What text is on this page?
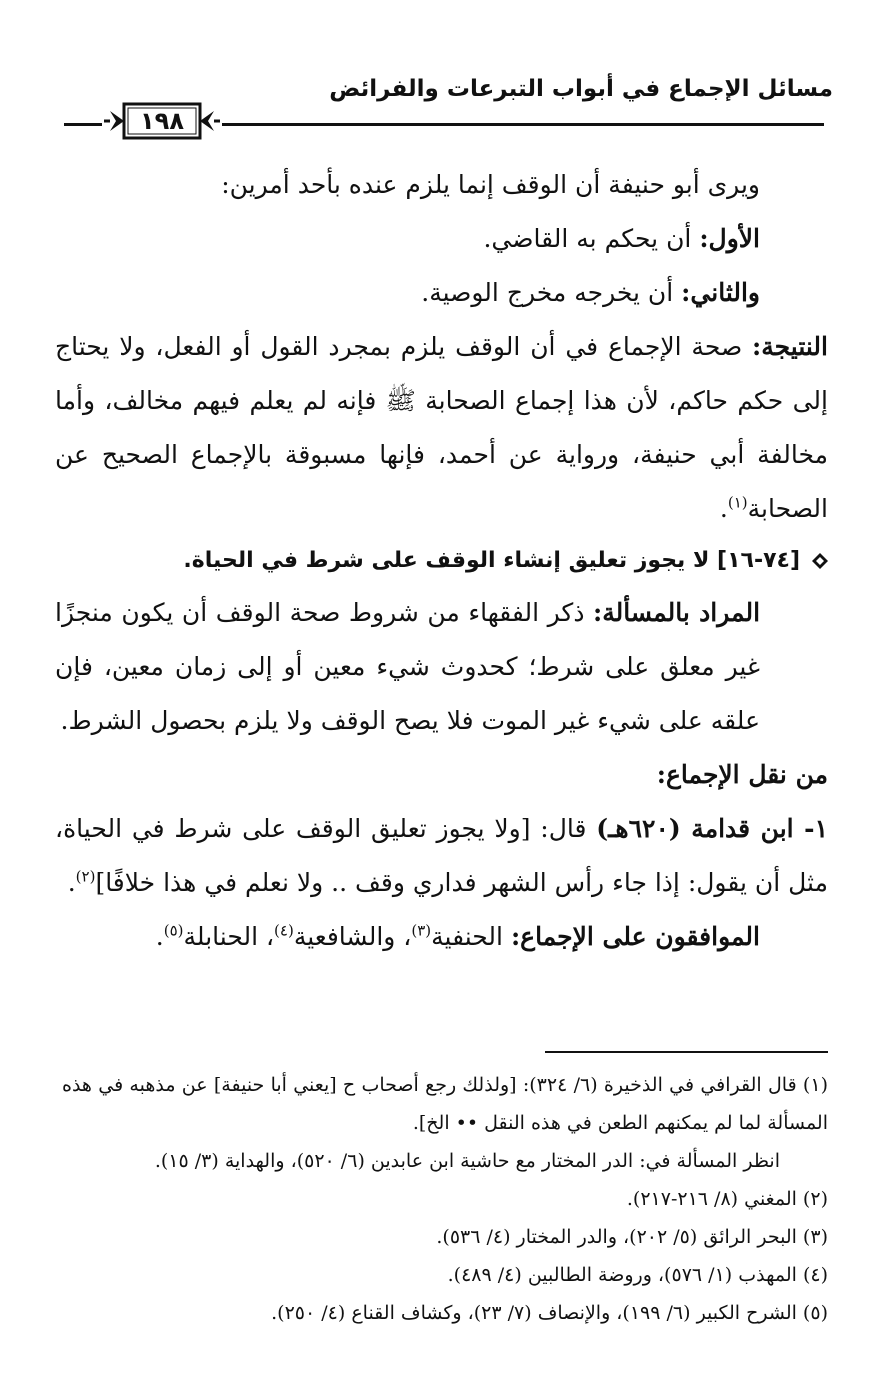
مسائل الإجماع في أبواب التبرعات والفرائض
١٩٨

ويرى أبو حنيفة أن الوقف إنما يلزم عنده بأحد أمرين:

الأول: أن يحكم به القاضي.

والثاني: أن يخرجه مخرج الوصية.

النتيجة: صحة الإجماع في أن الوقف يلزم بمجرد القول أو الفعل، ولا يحتاج إلى حكم حاكم، لأن هذا إجماع الصحابة ﷺ فإنه لم يعلم فيهم مخالف، وأما مخالفة أبي حنيفة، ورواية عن أحمد، فإنها مسبوقة بالإجماع الصحيح عن الصحابة$^{(١)}$.

[٧٤-١٦] لا يجوز تعليق إنشاء الوقف على شرط في الحياة.

المراد بالمسألة: ذكر الفقهاء من شروط صحة الوقف أن يكون منجزًا غير معلق على شرط؛ كحدوث شيء معين أو إلى زمان معين، فإن علقه على شيء غير الموت فلا يصح الوقف ولا يلزم بحصول الشرط.

من نقل الإجماع:

١- ابن قدامة (٦٢٠هـ) قال: [ولا يجوز تعليق الوقف على شرط في الحياة، مثل أن يقول: إذا جاء رأس الشهر فداري وقف .. ولا نعلم في هذا خلافًا]$^{(٢)}$.

الموافقون على الإجماع: الحنفية$^{(٣)}$، والشافعية$^{(٤)}$، الحنابلة$^{(٥)}$.

(١) قال القرافي في الذخيرة (٦/ ٣٢٤): [ولذلك رجع أصحاب ح [يعني أبا حنيفة] عن مذهبه في هذه المسألة لما لم يمكنهم الطعن في هذه النقل •• الخ].

انظر المسألة في: الدر المختار مع حاشية ابن عابدين (٦/ ٥٢٠)، والهداية (٣/ ١٥).

(٢) المغني (٨/ ٢١٦-٢١٧).

(٣) البحر الرائق (٥/ ٢٠٢)، والدر المختار (٤/ ٥٣٦).

(٤) المهذب (١/ ٥٧٦)، وروضة الطالبين (٤/ ٤٨٩).

(٥) الشرح الكبير (٦/ ١٩٩)، والإنصاف (٧/ ٢٣)، وكشاف القناع (٤/ ٢٥٠).
